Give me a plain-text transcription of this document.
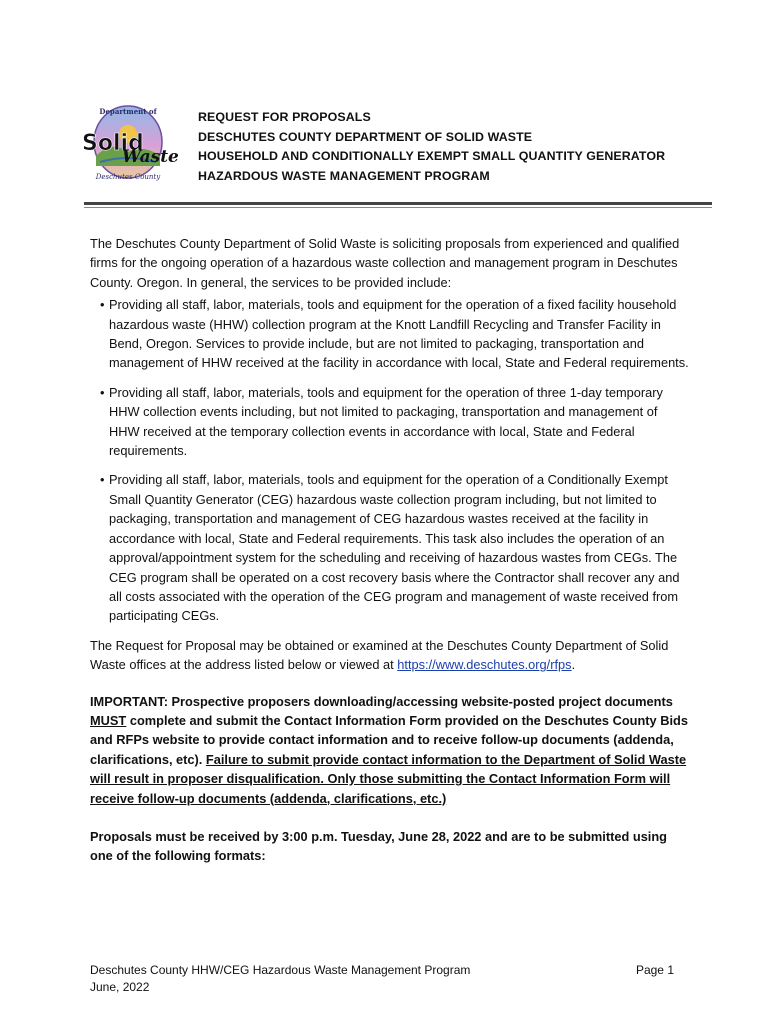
Department of
Solid
Waste
Deschutes County
REQUEST FOR PROPOSALS
DESCHUTES COUNTY DEPARTMENT OF SOLID WASTE
HOUSEHOLD AND CONDITIONALLY EXEMPT SMALL QUANTITY GENERATOR
HAZARDOUS WASTE MANAGEMENT PROGRAM

The Deschutes County Department of Solid Waste is soliciting proposals from experienced and qualified firms for the ongoing operation of a hazardous waste collection and management program in Deschutes County. Oregon. In general, the services to be provided include:

• Providing all staff, labor, materials, tools and equipment for the operation of a fixed facility household hazardous waste (HHW) collection program at the Knott Landfill Recycling and Transfer Facility in Bend, Oregon. Services to provide include, but are not limited to packaging, transportation and management of HHW received at the facility in accordance with local, State and Federal requirements.
• Providing all staff, labor, materials, tools and equipment for the operation of three 1-day temporary HHW collection events including, but not limited to packaging, transportation and management of HHW received at the temporary collection events in accordance with local, State and Federal requirements.
• Providing all staff, labor, materials, tools and equipment for the operation of a Conditionally Exempt Small Quantity Generator (CEG) hazardous waste collection program including, but not limited to packaging, transportation and management of CEG hazardous wastes received at the facility in accordance with local, State and Federal requirements. This task also includes the operation of an approval/appointment system for the scheduling and receiving of hazardous wastes from CEGs. The CEG program shall be operated on a cost recovery basis where the Contractor shall recover any and all costs associated with the operation of the CEG program and management of waste received from participating CEGs.

The Request for Proposal may be obtained or examined at the Deschutes County Department of Solid Waste offices at the address listed below or viewed at https://www.deschutes.org/rfps.

IMPORTANT: Prospective proposers downloading/accessing website-posted project documents MUST complete and submit the Contact Information Form provided on the Deschutes County Bids and RFPs website to provide contact information and to receive follow-up documents (addenda, clarifications, etc). Failure to submit provide contact information to the Department of Solid Waste will result in proposer disqualification. Only those submitting the Contact Information Form will receive follow-up documents (addenda, clarifications, etc.)

Proposals must be received by 3:00 p.m. Tuesday, June 28, 2022 and are to be submitted using one of the following formats:

Deschutes County HHW/CEG Hazardous Waste Management Program
June, 2022
Page 1
